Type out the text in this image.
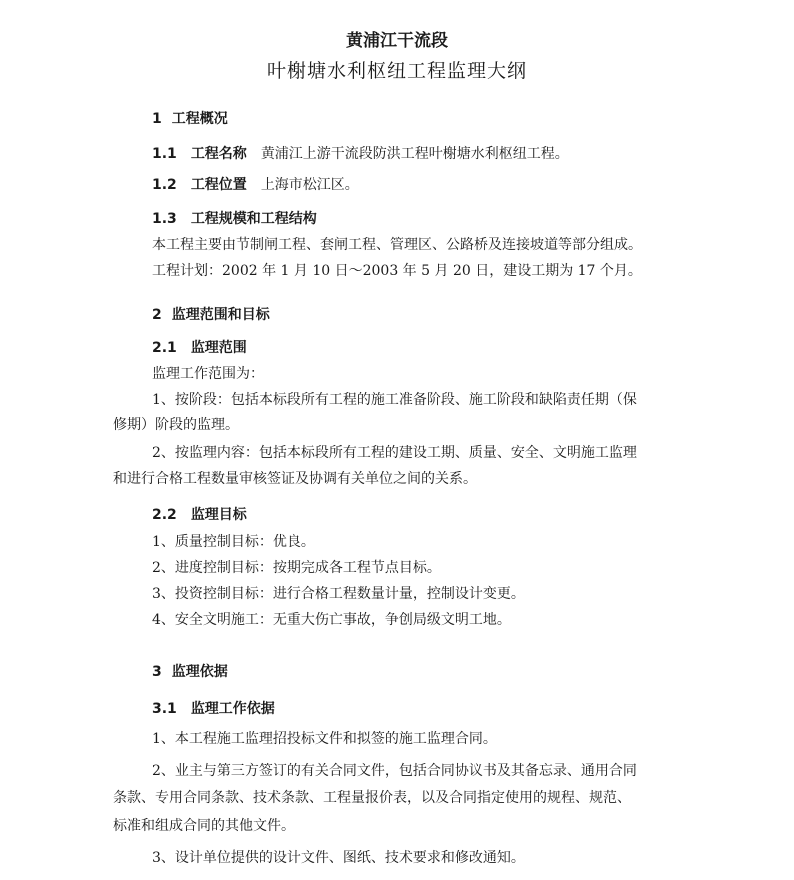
黄浦江干流段
叶榭塘水利枢纽工程监理大纲
1 工程概况
1.1 工程名称 黄浦江上游干流段防洪工程叶榭塘水利枢纽工程。
1.2 工程位置 上海市松江区。
1.3 工程规模和工程结构
本工程主要由节制闸工程、套闸工程、管理区、公路桥及连接坡道等部分组成。
工程计划：2002 年 1 月 10 日～2003 年 5 月 20 日，建设工期为 17 个月。
2 监理范围和目标
2.1 监理范围
监理工作范围为：
1、按阶段：包括本标段所有工程的施工准备阶段、施工阶段和缺陷责任期（保
修期）阶段的监理。
2、按监理内容：包括本标段所有工程的建设工期、质量、安全、文明施工监理
和进行合格工程数量审核签证及协调有关单位之间的关系。
2.2 监理目标
1、质量控制目标：优良。
2、进度控制目标：按期完成各工程节点目标。
3、投资控制目标：进行合格工程数量计量，控制设计变更。
4、安全文明施工：无重大伤亡事故，争创局级文明工地。
3 监理依据
3.1 监理工作依据
1、本工程施工监理招投标文件和拟签的施工监理合同。
2、业主与第三方签订的有关合同文件，包括合同协议书及其备忘录、通用合同
条款、专用合同条款、技术条款、工程量报价表，以及合同指定使用的规程、规范、
标准和组成合同的其他文件。
3、设计单位提供的设计文件、图纸、技术要求和修改通知。
